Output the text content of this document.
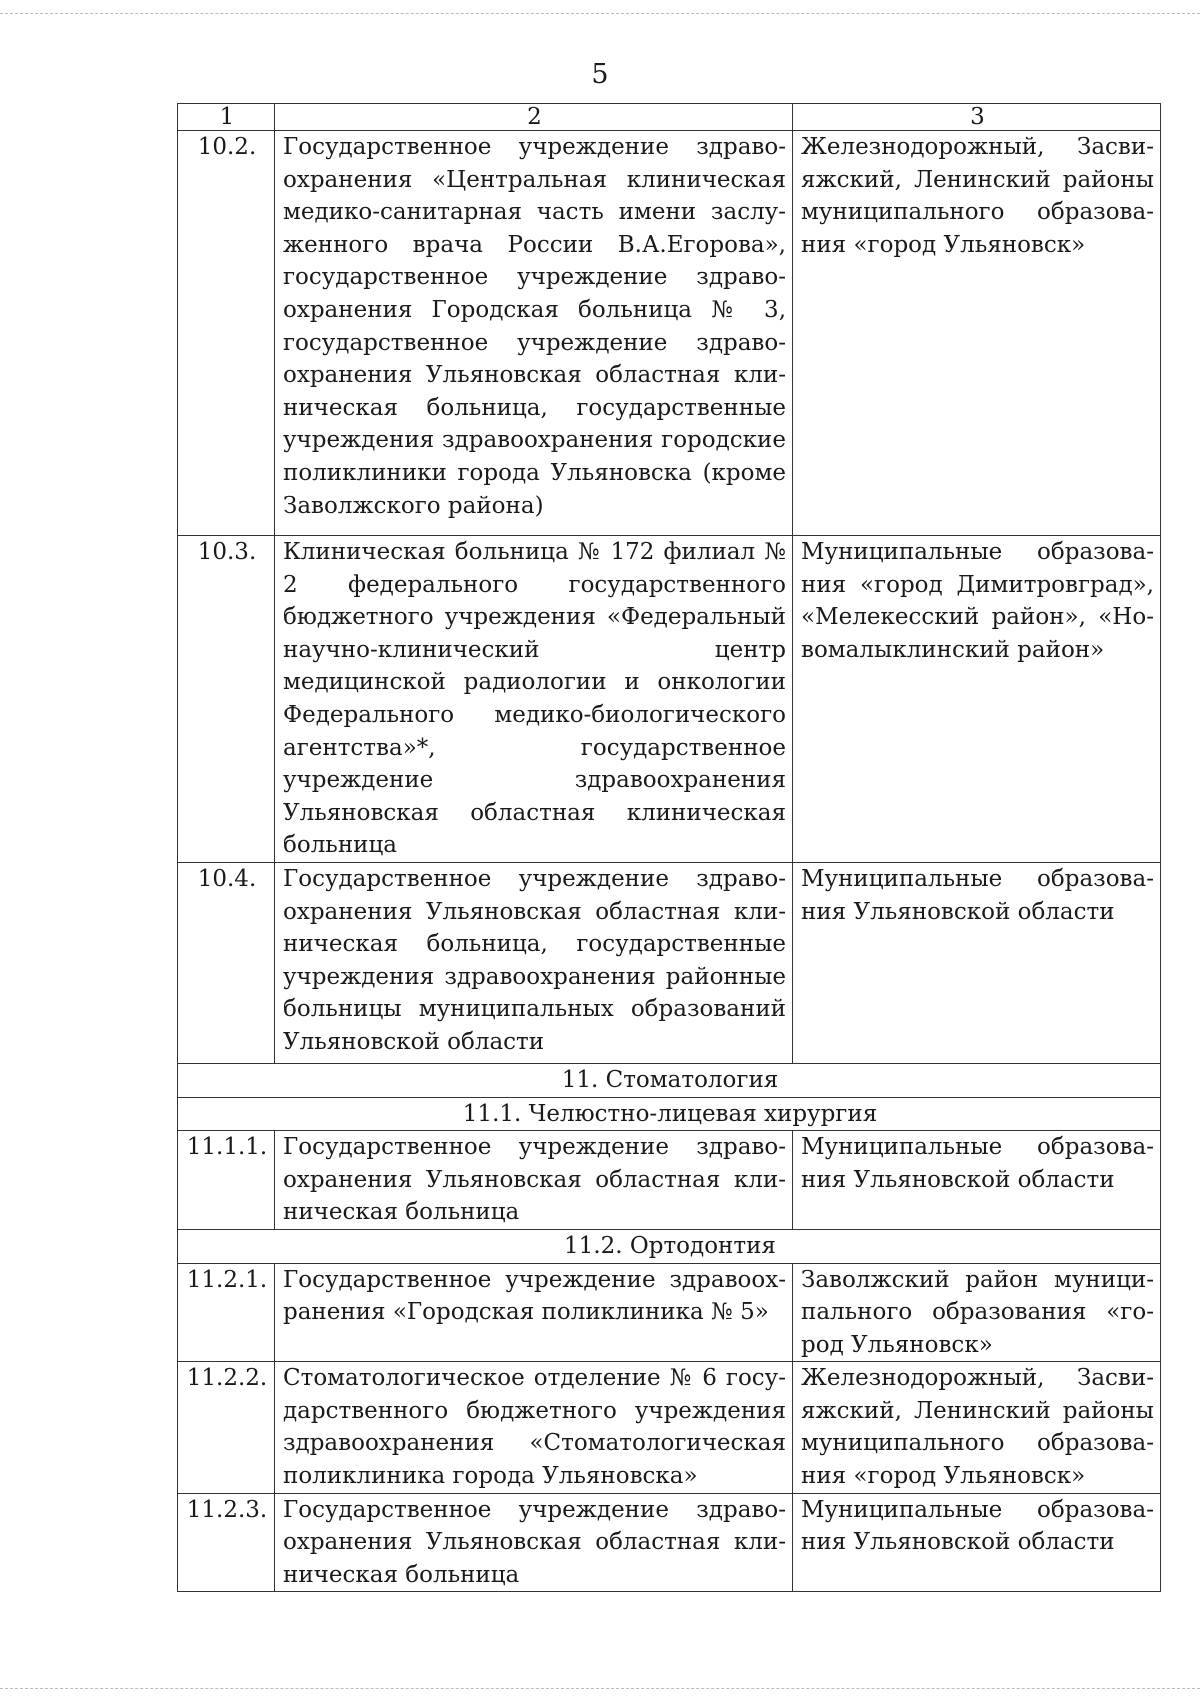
5
1	2	3
10.2.	Государственное учреждение здравоохранения «Центральная клиническая медико-санитарная часть имени заслуженного врача России В.А.Егорова», государственное учреждение здравоохранения Городская больница № 3, государственное учреждение здравоохранения Ульяновская областная клиническая больница, государственные учреждения здравоохранения городские поликлиники города Ульяновска (кроме Заволжского района)	Железнодорожный, Засвияжский, Ленинский районы муниципального образования «город Ульяновск»
10.3.	Клиническая больница № 172 филиал № 2 федерального государственного бюджетного учреждения «Федеральный научно-клинический центр медицинской радиологии и онкологии Федерального медико-биологического агентства»*, государственное учреждение здравоохранения Ульяновская областная клиническая больница	Муниципальные образования «город Димитровград», «Мелекесский район», «Новомалыклинский район»
10.4.	Государственное учреждение здравоохранения Ульяновская областная клиническая больница, государственные учреждения здравоохранения районные больницы муниципальных образований Ульяновской области	Муниципальные образования Ульяновской области
11. Стоматология		
11.1. Челюстно-лицевая хирургия		
11.1.1.	Государственное учреждение здравоохранения Ульяновская областная клиническая больница	Муниципальные образования Ульяновской области
11.2. Ортодонтия		
11.2.1.	Государственное учреждение здравоохранения «Городская поликлиника № 5»	Заволжский район муниципального образования «город Ульяновск»
11.2.2.	Стоматологическое отделение № 6 государственного бюджетного учреждения здравоохранения «Стоматологическая поликлиника города Ульяновска»	Железнодорожный, Засвияжский, Ленинский районы муниципального образования «город Ульяновск»
11.2.3.	Государственное учреждение здравоохранения Ульяновская областная клиническая больница	Муниципальные образования Ульяновской области
